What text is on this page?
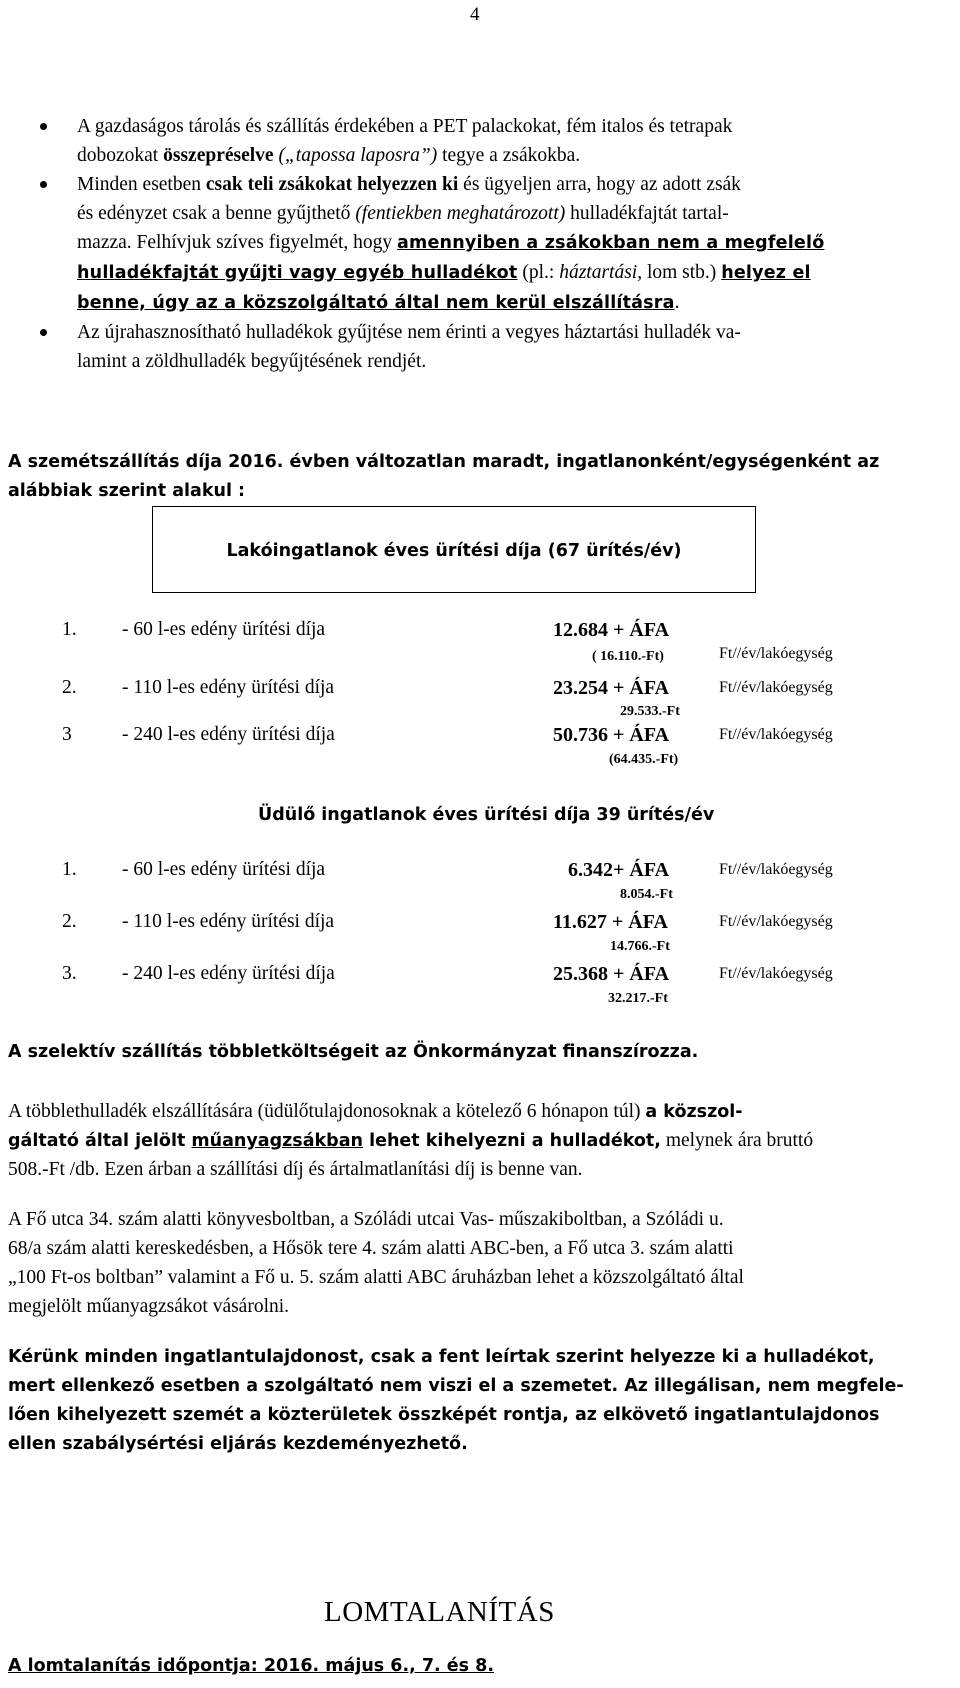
4
A gazdaságos tárolás és szállítás érdekében a PET palackokat, fém italos és tetrapak
dobozokat összepréselve („tapossa laposra”) tegye a zsákokba.
Minden esetben csak teli zsákokat helyezzen ki és ügyeljen arra, hogy az adott zsák
és edényzet csak a benne gyűjthető (fentiekben meghatározott) hulladékfajtát tartal-
mazza. Felhívjuk szíves figyelmét, hogy amennyiben a zsákokban nem a megfelelő
hulladékfajtát gyűjti vagy egyéb hulladékot (pl.: háztartási, lom stb.) helyez el
benne, úgy az a közszolgáltató által nem kerül elszállításra.
Az újrahasznosítható hulladékok gyűjtése nem érinti a vegyes háztartási hulladék va-
lamint a zöldhulladék begyűjtésének rendjét.
A szemétszállítás díja 2016. évben változatlan maradt, ingatlanonként/egységenként az
alábbiak szerint alakul :
Lakóingatlanok éves ürítési díja (67 ürítés/év)
1. - 60 l-es edény ürítési díja	12.684 + ÁFA
( 16.110.-Ft)	Ft//év/lakóegység
2. - 110 l-es edény ürítési díja	23.254 + ÁFA
29.533.-Ft
Ft//év/lakóegység
3	- 240 l-es edény ürítési díja	50.736 + ÁFA
(64.435.-Ft)
Ft//év/lakóegység
Üdülő ingatlanok éves ürítési díja 39 ürítés/év
1. - 60 l-es edény ürítési díja	6.342+ ÁFA
8.054.-Ft
Ft//év/lakóegység
2. - 110 l-es edény ürítési díja	11.627 + ÁFA
14.766.-Ft
Ft//év/lakóegység
3. - 240 l-es edény ürítési díja	25.368 + ÁFA
32.217.-Ft
Ft//év/lakóegység
A szelektív szállítás többletköltségeit az Önkormányzat finanszírozza.
A többlethulladék elszállítására (üdülőtulajdonosoknak a kötelező 6 hónapon túl) a közszol-
gáltató által jelölt műanyagzsákban lehet kihelyezni a hulladékot, melynek ára bruttó
508.-Ft /db. Ezen árban a szállítási díj és ártalmatlanítási díj is benne van.
A Fő utca 34. szám alatti könyvesboltban, a Szóládi utcai Vas- műszakiboltban, a Szóládi u.
68/a szám alatti kereskedésben, a Hősök tere 4. szám alatti ABC-ben, a Fő utca 3. szám alatti
„100 Ft-os boltban” valamint a Fő u. 5. szám alatti ABC áruházban lehet a közszolgáltató által
megjelölt műanyagzsákot vásárolni.
Kérünk minden ingatlantulajdonost, csak a fent leírtak szerint helyezze ki a hulladékot,
mert ellenkező esetben a szolgáltató nem viszi el a szemetet. Az illegálisan, nem megfele-
lően kihelyezett szemét a közterületek összképét rontja, az elkövető ingatlantulajdonos
ellen szabálysértési eljárás kezdeményezhető.
LOMTALANÍTÁS
A lomtalanítás időpontja: 2016. május 6., 7. és 8.
